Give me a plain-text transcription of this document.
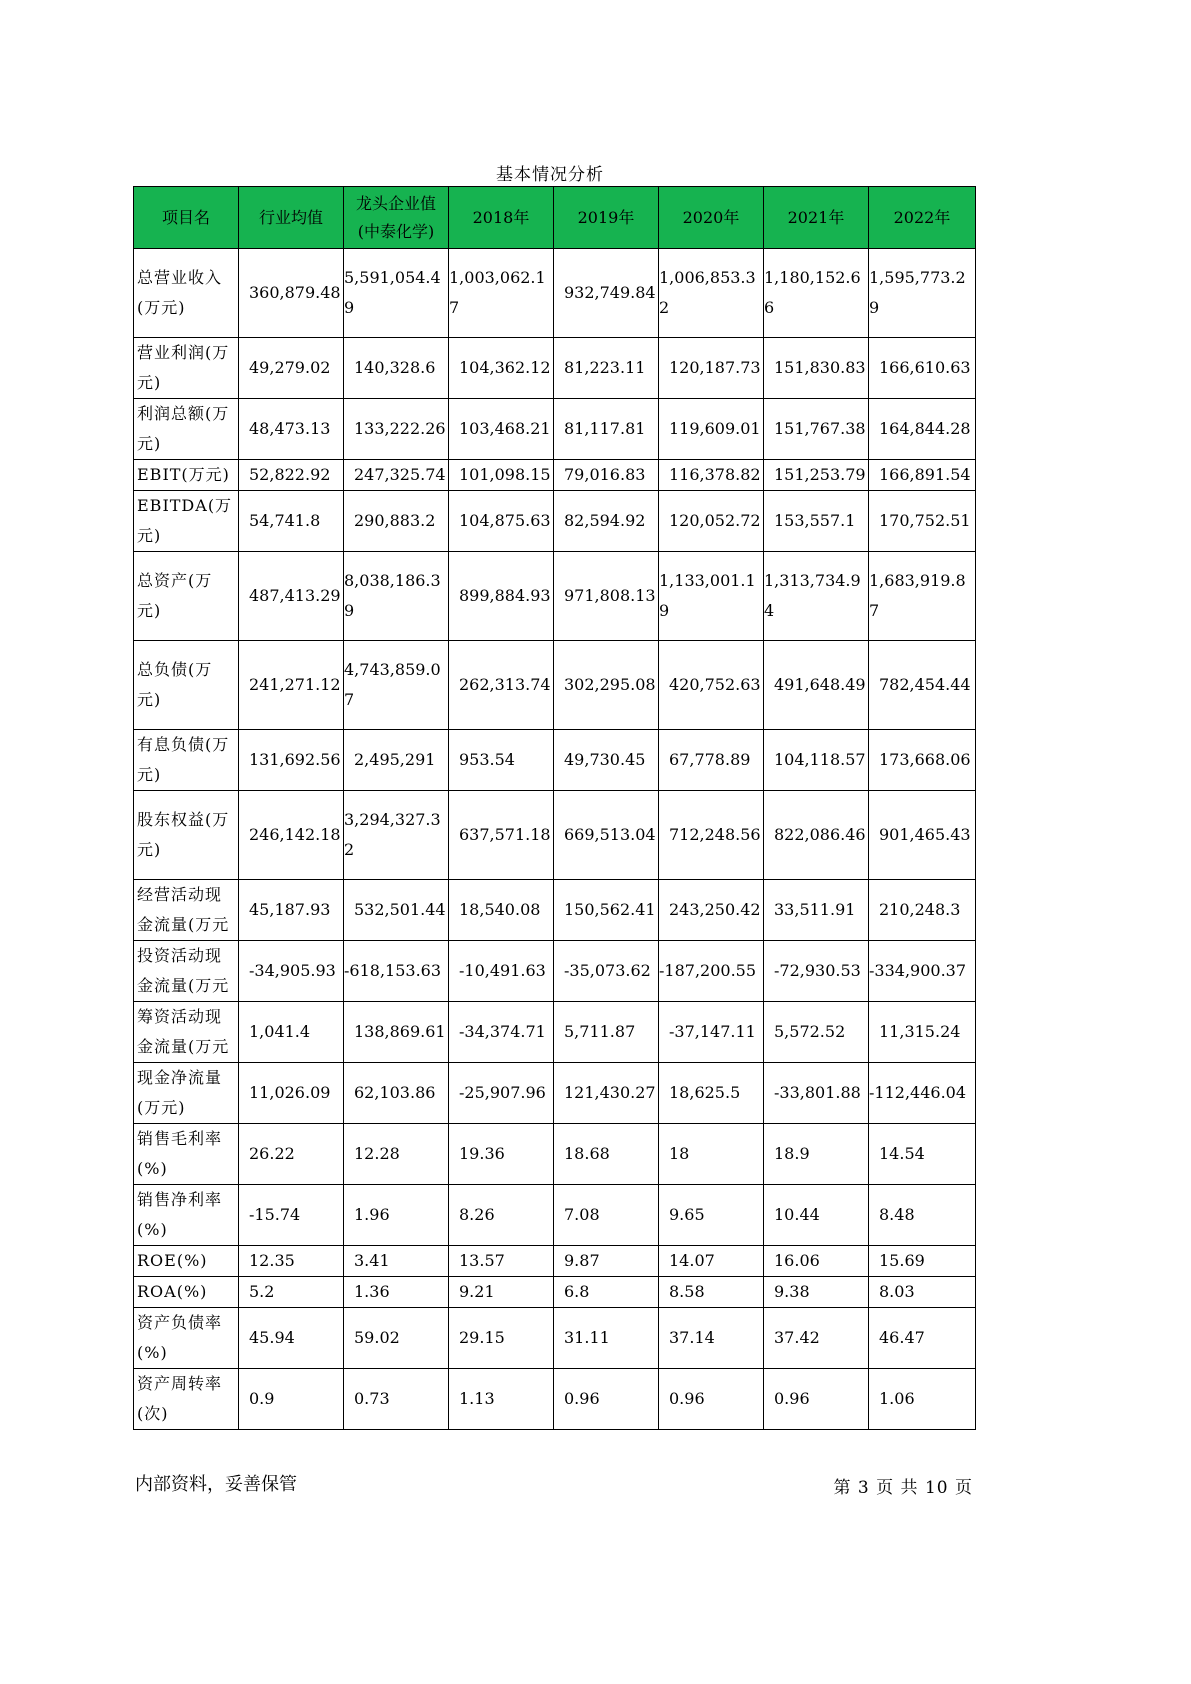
基本情况分析
项目名	行业均值	龙头企业值(中泰化学)	2018年	2019年	2020年	2021年	2022年
总营业收入(万元)	360,879.48	5,591,054.49	1,003,062.17	932,749.84	1,006,853.32	1,180,152.66	1,595,773.29
营业利润(万元)	49,279.02	140,328.6	104,362.12	81,223.11	120,187.73	151,830.83	166,610.63
利润总额(万元)	48,473.13	133,222.26	103,468.21	81,117.81	119,609.01	151,767.38	164,844.28
EBIT(万元)	52,822.92	247,325.74	101,098.15	79,016.83	116,378.82	151,253.79	166,891.54
EBITDA(万元)	54,741.8	290,883.2	104,875.63	82,594.92	120,052.72	153,557.1	170,752.51
总资产(万元)	487,413.29	8,038,186.39	899,884.93	971,808.13	1,133,001.19	1,313,734.94	1,683,919.87
总负债(万元)	241,271.12	4,743,859.07	262,313.74	302,295.08	420,752.63	491,648.49	782,454.44
有息负债(万元)	131,692.56	2,495,291	953.54	49,730.45	67,778.89	104,118.57	173,668.06
股东权益(万元)	246,142.18	3,294,327.32	637,571.18	669,513.04	712,248.56	822,086.46	901,465.43
经营活动现金流量(万元	45,187.93	532,501.44	18,540.08	150,562.41	243,250.42	33,511.91	210,248.3
投资活动现金流量(万元	-34,905.93	-618,153.63	-10,491.63	-35,073.62	-187,200.55	-72,930.53	-334,900.37
筹资活动现金流量(万元	1,041.4	138,869.61	-34,374.71	5,711.87	-37,147.11	5,572.52	11,315.24
现金净流量(万元)	11,026.09	62,103.86	-25,907.96	121,430.27	18,625.5	-33,801.88	-112,446.04
销售毛利率(%)	26.22	12.28	19.36	18.68	18	18.9	14.54
销售净利率(%)	-15.74	1.96	8.26	7.08	9.65	10.44	8.48
ROE(%)	12.35	3.41	13.57	9.87	14.07	16.06	15.69
ROA(%)	5.2	1.36	9.21	6.8	8.58	9.38	8.03
资产负债率(%)	45.94	59.02	29.15	31.11	37.14	37.42	46.47
资产周转率(次)	0.9	0.73	1.13	0.96	0.96	0.96	1.06
内部资料，妥善保管	第 3 页 共 10 页
